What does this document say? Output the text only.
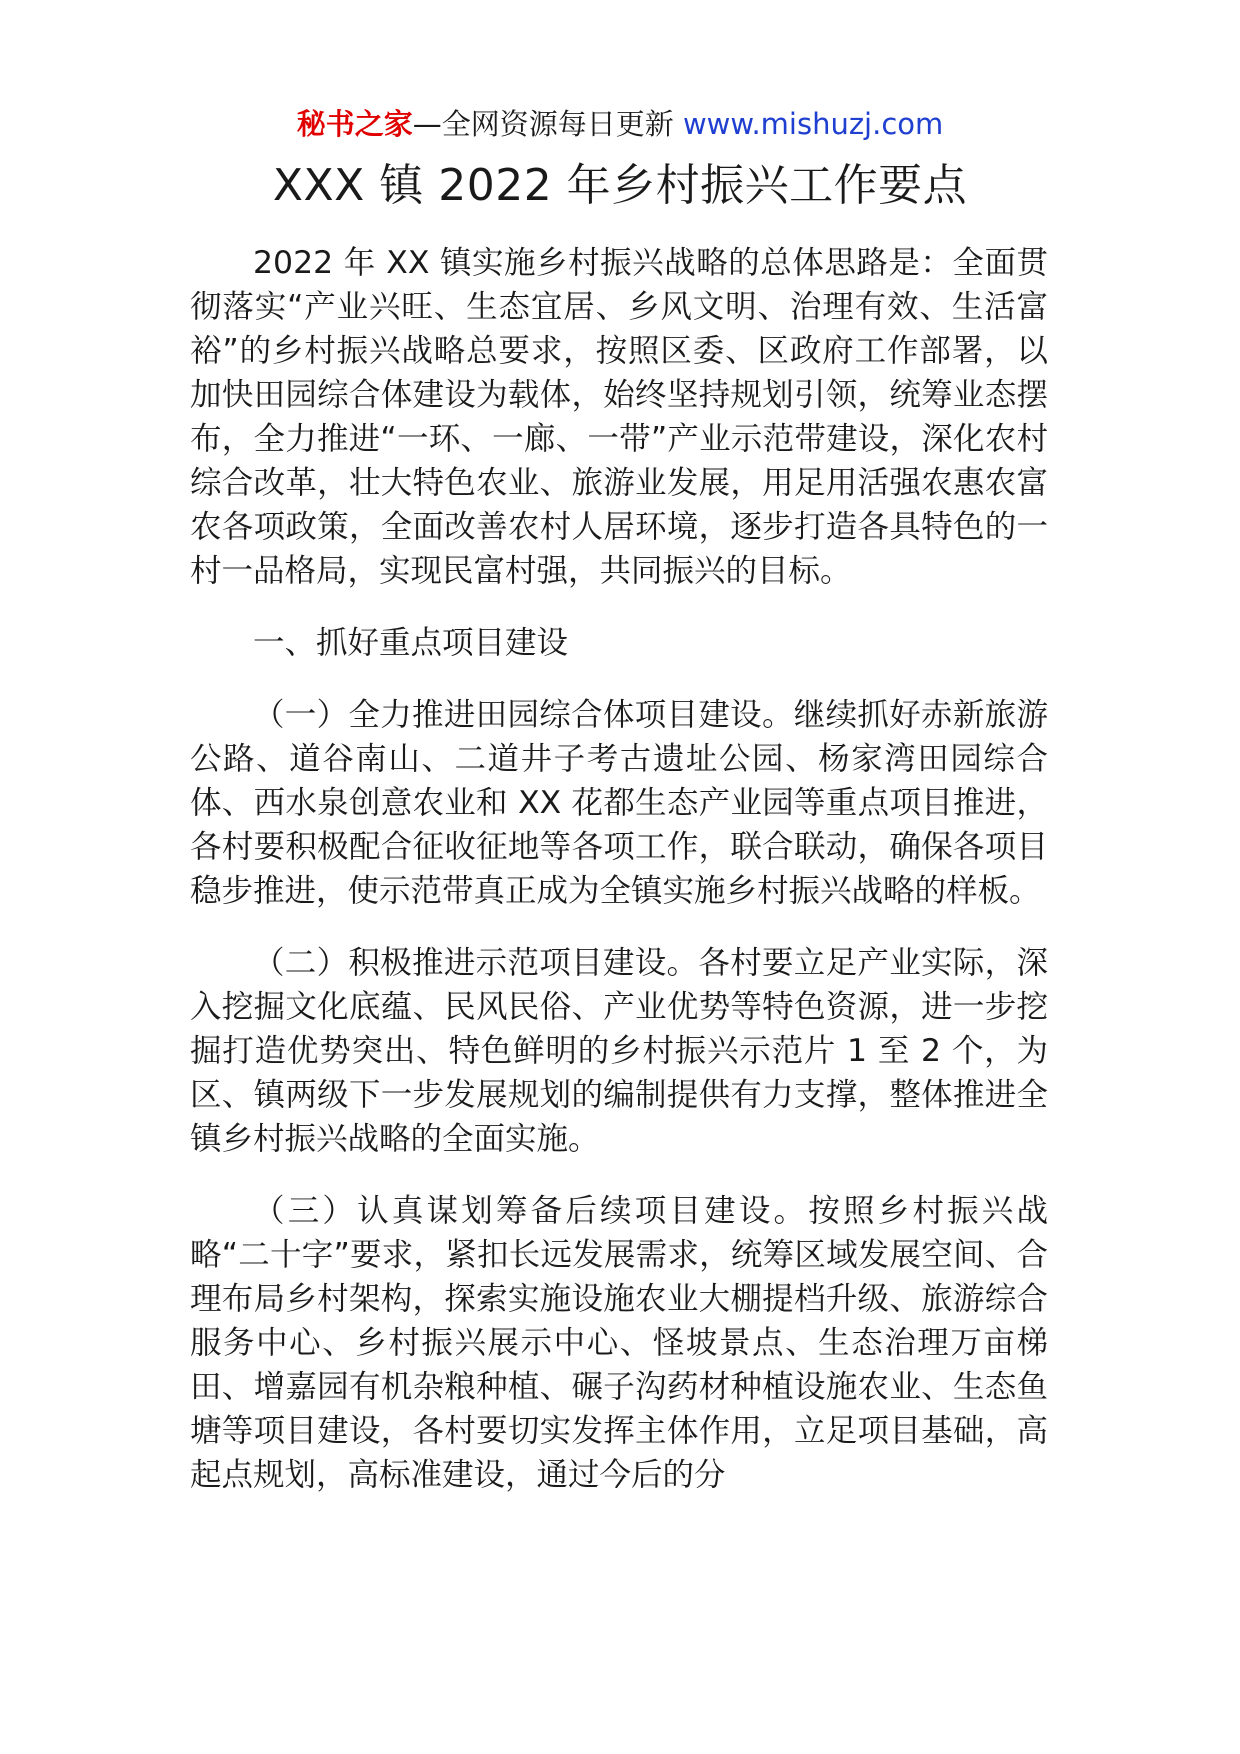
秘书之家—全网资源每日更新 www.mishuzj.com
XXX 镇 2022 年乡村振兴工作要点

2022 年 XX 镇实施乡村振兴战略的总体思路是：全面贯彻落实“产业兴旺、生态宜居、乡风文明、治理有效、生活富裕”的乡村振兴战略总要求，按照区委、区政府工作部署，以加快田园综合体建设为载体，始终坚持规划引领，统筹业态摆布，全力推进“一环、一廊、一带”产业示范带建设，深化农村综合改革，壮大特色农业、旅游业发展，用足用活强农惠农富农各项政策，全面改善农村人居环境，逐步打造各具特色的一村一品格局，实现民富村强，共同振兴的目标。

一、抓好重点项目建设

（一）全力推进田园综合体项目建设。继续抓好赤新旅游公路、道谷南山、二道井子考古遗址公园、杨家湾田园综合体、西水泉创意农业和 XX 花都生态产业园等重点项目推进，各村要积极配合征收征地等各项工作，联合联动，确保各项目稳步推进，使示范带真正成为全镇实施乡村振兴战略的样板。

（二）积极推进示范项目建设。各村要立足产业实际，深入挖掘文化底蕴、民风民俗、产业优势等特色资源，进一步挖掘打造优势突出、特色鲜明的乡村振兴示范片 1 至 2 个，为区、镇两级下一步发展规划的编制提供有力支撑，整体推进全镇乡村振兴战略的全面实施。

（三）认真谋划筹备后续项目建设。按照乡村振兴战略“二十字”要求，紧扣长远发展需求，统筹区域发展空间、合理布局乡村架构，探索实施设施农业大棚提档升级、旅游综合服务中心、乡村振兴展示中心、怪坡景点、生态治理万亩梯田、增嘉园有机杂粮种植、碾子沟药材种植设施农业、生态鱼塘等项目建设，各村要切实发挥主体作用，立足项目基础，高起点规划，高标准建设，通过今后的分
